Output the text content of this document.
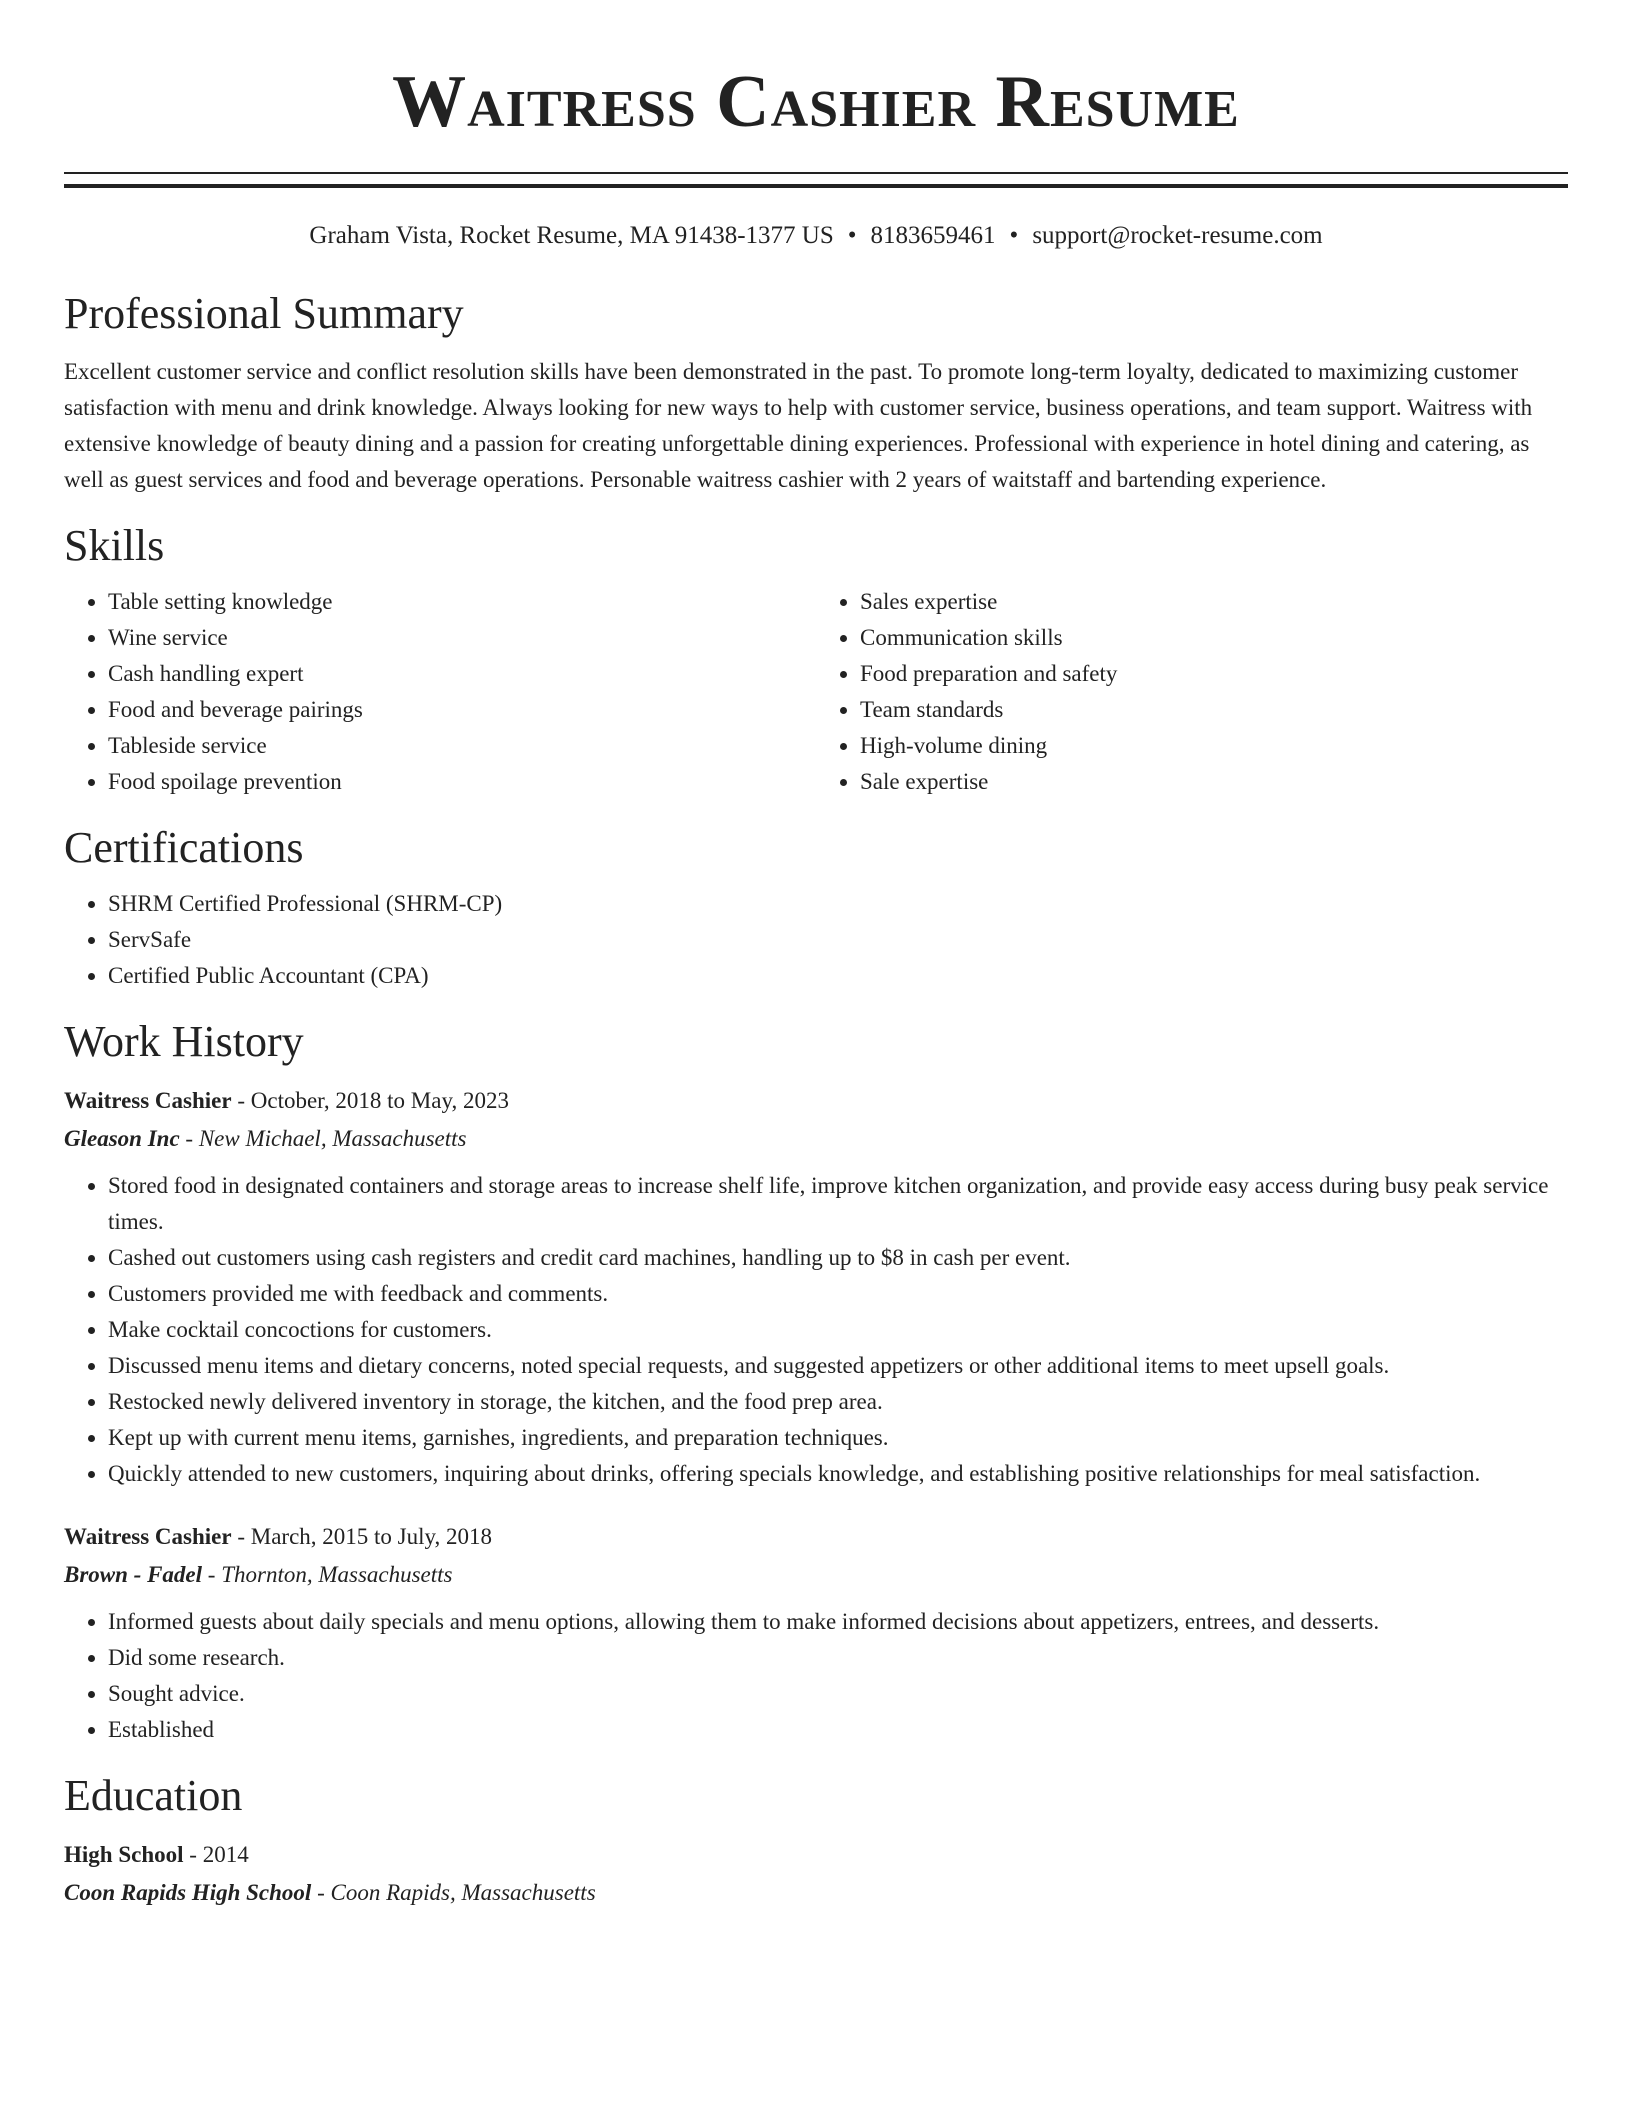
Waitress Cashier Resume
Graham Vista, Rocket Resume, MA 91438-1377 US • 8183659461 • support@rocket-resume.com
Professional Summary

Excellent customer service and conflict resolution skills have been demonstrated in the past. To promote long-term loyalty, dedicated to maximizing customer satisfaction with menu and drink knowledge. Always looking for new ways to help with customer service, business operations, and team support. Waitress with extensive knowledge of beauty dining and a passion for creating unforgettable dining experiences. Professional with experience in hotel dining and catering, as well as guest services and food and beverage operations. Personable waitress cashier with 2 years of waitstaff and bartending experience.

Skills
• Table setting knowledge
• Wine service
• Cash handling expert
• Food and beverage pairings
• Tableside service
• Food spoilage prevention
• Sales expertise
• Communication skills
• Food preparation and safety
• Team standards
• High-volume dining
• Sale expertise
Certifications
• SHRM Certified Professional (SHRM-CP)
• ServSafe
• Certified Public Accountant (CPA)
Work History
Waitress Cashier - October, 2018 to May, 2023
Gleason Inc - New Michael, Massachusetts
• Stored food in designated containers and storage areas to increase shelf life, improve kitchen organization, and provide easy access during busy peak service times.
• Cashed out customers using cash registers and credit card machines, handling up to $8 in cash per event.
• Customers provided me with feedback and comments.
• Make cocktail concoctions for customers.
• Discussed menu items and dietary concerns, noted special requests, and suggested appetizers or other additional items to meet upsell goals.
• Restocked newly delivered inventory in storage, the kitchen, and the food prep area.
• Kept up with current menu items, garnishes, ingredients, and preparation techniques.
• Quickly attended to new customers, inquiring about drinks, offering specials knowledge, and establishing positive relationships for meal satisfaction.
Waitress Cashier - March, 2015 to July, 2018
Brown - Fadel - Thornton, Massachusetts
• Informed guests about daily specials and menu options, allowing them to make informed decisions about appetizers, entrees, and desserts.
• Did some research.
• Sought advice.
• Established
Education
High School - 2014
Coon Rapids High School - Coon Rapids, Massachusetts
